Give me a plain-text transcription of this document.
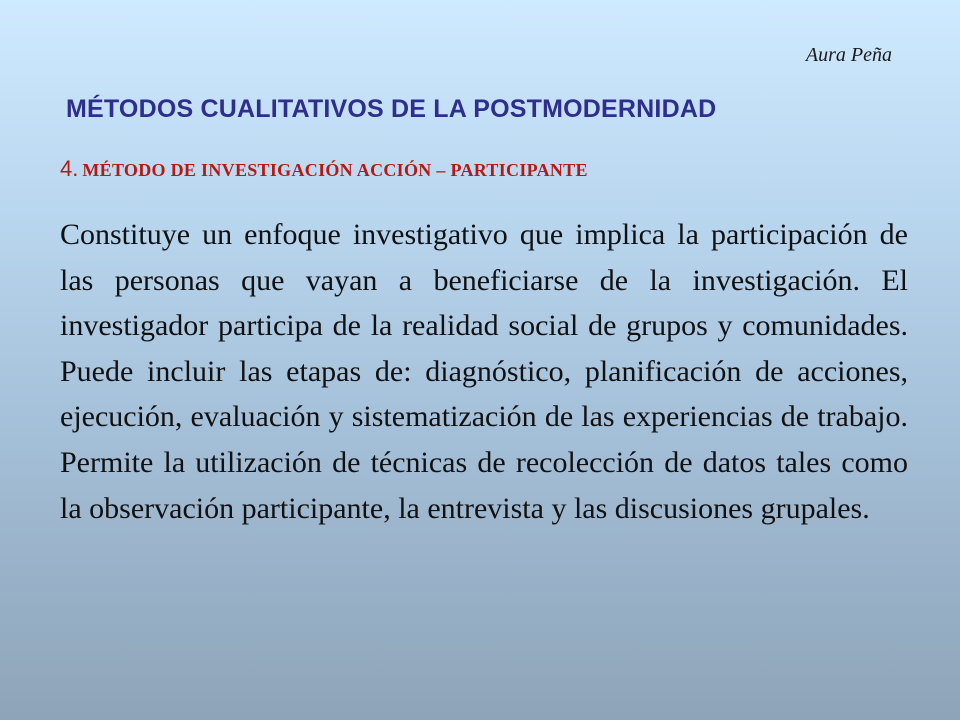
Aura Peña
MÉTODOS CUALITATIVOS DE LA POSTMODERNIDAD
4. MÉTODO DE INVESTIGACIÓN ACCIÓN – PARTICIPANTE
Constituye un enfoque investigativo que implica la participación de las personas que vayan a beneficiarse de la investigación. El investigador participa de la realidad social de grupos y comunidades. Puede incluir las etapas de: diagnóstico, planificación de acciones, ejecución, evaluación y sistematización de las experiencias de trabajo. Permite la utilización de técnicas de recolección de datos tales como la observación participante, la entrevista y las discusiones grupales.
